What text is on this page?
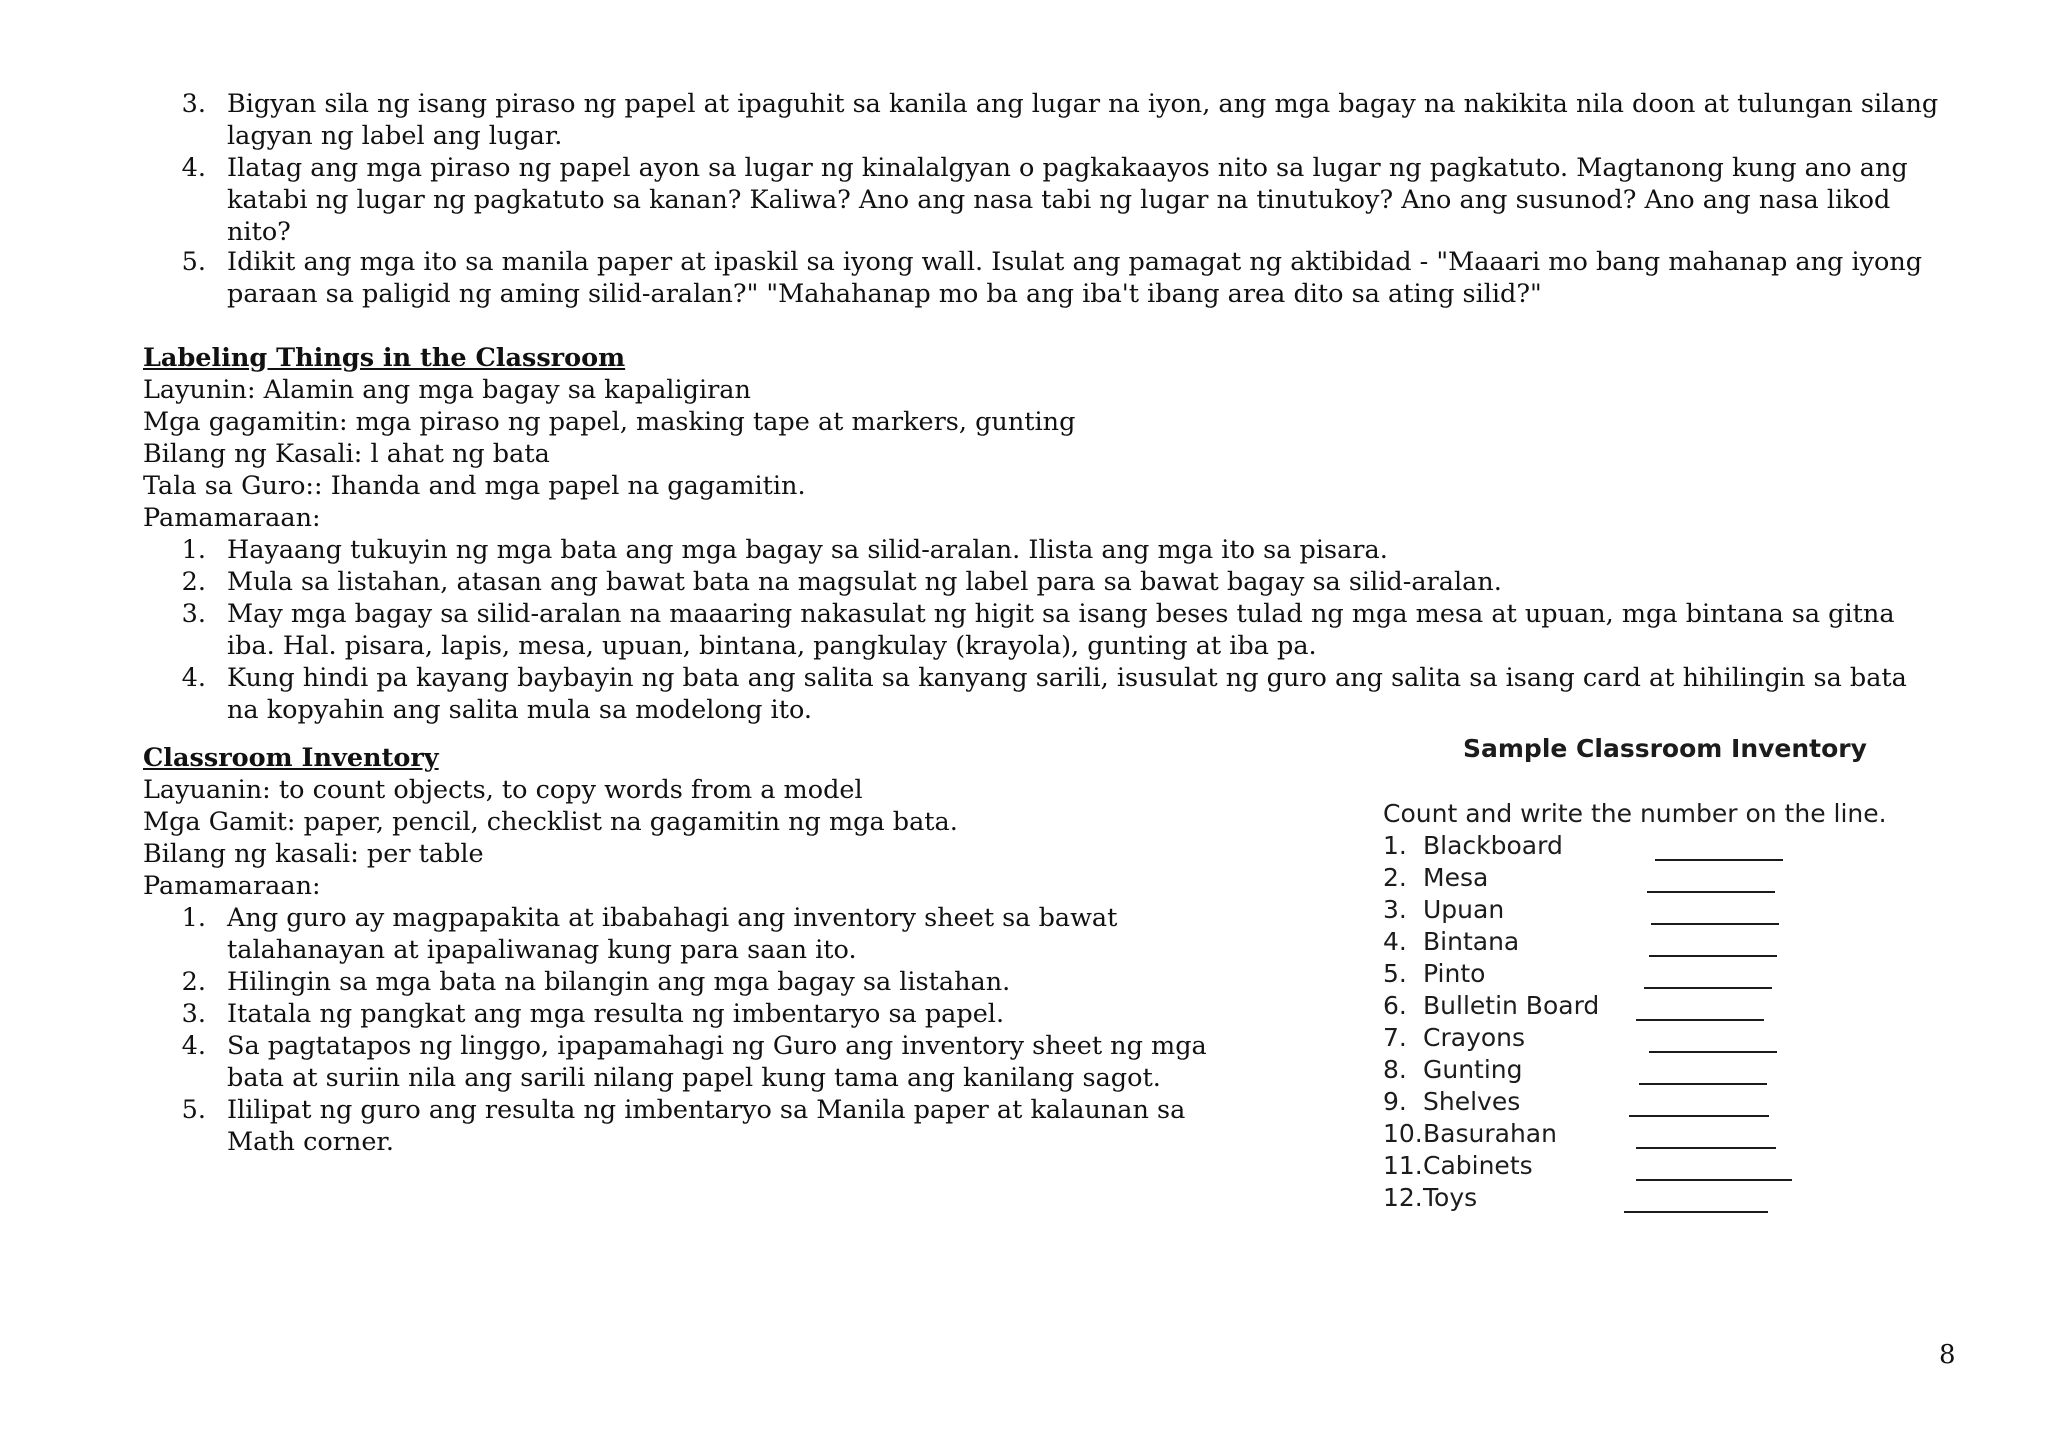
3. Bigyan sila ng isang piraso ng papel at ipaguhit sa kanila ang lugar na iyon, ang mga bagay na nakikita nila doon at tulungan silang
lagyan ng label ang lugar.
4. Ilatag ang mga piraso ng papel ayon sa lugar ng kinalalgyan o pagkakaayos nito sa lugar ng pagkatuto. Magtanong kung ano ang
katabi ng lugar ng pagkatuto sa kanan? Kaliwa? Ano ang nasa tabi ng lugar na tinutukoy? Ano ang susunod? Ano ang nasa likod
nito?
5. Idikit ang mga ito sa manila paper at ipaskil sa iyong wall. Isulat ang pamagat ng aktibidad - "Maaari mo bang mahanap ang iyong
paraan sa paligid ng aming silid-aralan?" "Mahahanap mo ba ang iba't ibang area dito sa ating silid?"
Labeling Things in the Classroom
Layunin: Alamin ang mga bagay sa kapaligiran
Mga gagamitin: mga piraso ng papel, masking tape at markers, gunting
Bilang ng Kasali: l ahat ng bata
Tala sa Guro:: Ihanda and mga papel na gagamitin.
Pamamaraan:
1. Hayaang tukuyin ng mga bata ang mga bagay sa silid-aralan. Ilista ang mga ito sa pisara.
2. Mula sa listahan, atasan ang bawat bata na magsulat ng label para sa bawat bagay sa silid-aralan.
3. May mga bagay sa silid-aralan na maaaring nakasulat ng higit sa isang beses tulad ng mga mesa at upuan, mga bintana sa gitna
iba. Hal. pisara, lapis, mesa, upuan, bintana, pangkulay (krayola), gunting at iba pa.
4. Kung hindi pa kayang baybayin ng bata ang salita sa kanyang sarili, isusulat ng guro ang salita sa isang card at hihilingin sa bata
na kopyahin ang salita mula sa modelong ito.
Classroom Inventory
Layuanin: to count objects, to copy words from a model
Mga Gamit: paper, pencil, checklist na gagamitin ng mga bata.
Bilang ng kasali: per table
Pamamaraan:
1. Ang guro ay magpapakita at ibabahagi ang inventory sheet sa bawat
talahanayan at ipapaliwanag kung para saan ito.
2. Hilingin sa mga bata na bilangin ang mga bagay sa listahan.
3. Itatala ng pangkat ang mga resulta ng imbentaryo sa papel.
4. Sa pagtatapos ng linggo, ipapamahagi ng Guro ang inventory sheet ng mga
bata at suriin nila ang sarili nilang papel kung tama ang kanilang sagot.
5. Ililipat ng guro ang resulta ng imbentaryo sa Manila paper at kalaunan sa
Math corner.
Sample Classroom Inventory
Count and write the number on the line.
1. Blackboard
2. Mesa
3. Upuan
4. Bintana
5. Pinto
6. Bulletin Board
7. Crayons
8. Gunting
9. Shelves
10. Basurahan
11. Cabinets
12. Toys
8
